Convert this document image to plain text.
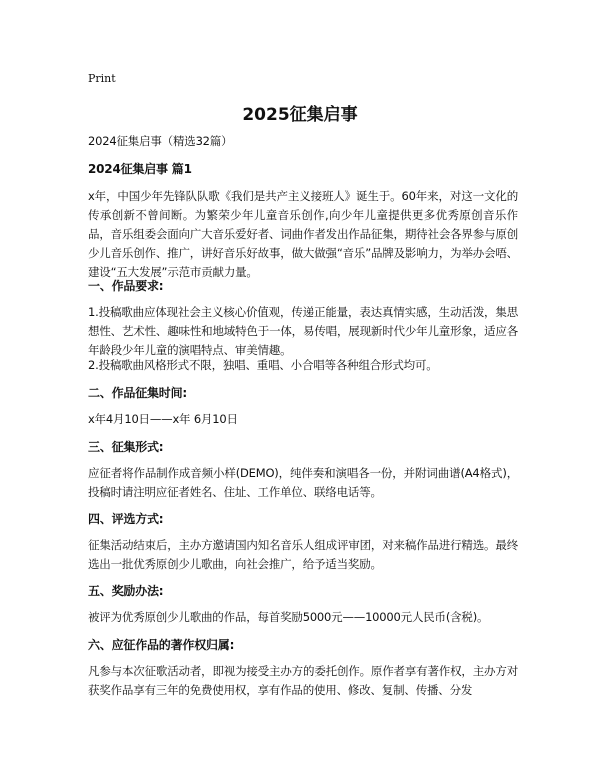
Print
2025征集启事
2024征集启事（精选32篇）
2024征集启事 篇1
x年，中国少年先锋队队歌《我们是共产主义接班人》诞生于。60年来，对这一文化的传承创新不曾间断。为繁荣少年儿童音乐创作,向少年儿童提供更多优秀原创音乐作品，音乐组委会面向广大音乐爱好者、词曲作者发出作品征集，期待社会各界参与原创少儿音乐创作、推广，讲好音乐好故事，做大做强“音乐”品牌及影响力，为举办会唔、建设“五大发展”示范市贡献力量。
一、作品要求:
1.投稿歌曲应体现社会主义核心价值观，传递正能量，表达真情实感，生动活泼，集思想性、艺术性、趣味性和地域特色于一体，易传唱，展现新时代少年儿童形象，适应各年龄段少年儿童的演唱特点、审美情趣。
2.投稿歌曲风格形式不限，独唱、重唱、小合唱等各种组合形式均可。
二、作品征集时间:
x年4月10日——x年 6月10日
三、征集形式:
应征者将作品制作成音频小样(DEMO)，纯伴奏和演唱各一份，并附词曲谱(A4格式)，投稿时请注明应征者姓名、住址、工作单位、联络电话等。
四、评选方式:
征集活动结束后，主办方邀请国内知名音乐人组成评审团，对来稿作品进行精选。最终选出一批优秀原创少儿歌曲，向社会推广，给予适当奖励。
五、奖励办法:
被评为优秀原创少儿歌曲的作品，每首奖励5000元——10000元人民币(含税)。
六、应征作品的著作权归属:
凡参与本次征歌活动者，即视为接受主办方的委托创作。原作者享有著作权，主办方对获奖作品享有三年的免费使用权，享有作品的使用、修改、复制、传播、分发
